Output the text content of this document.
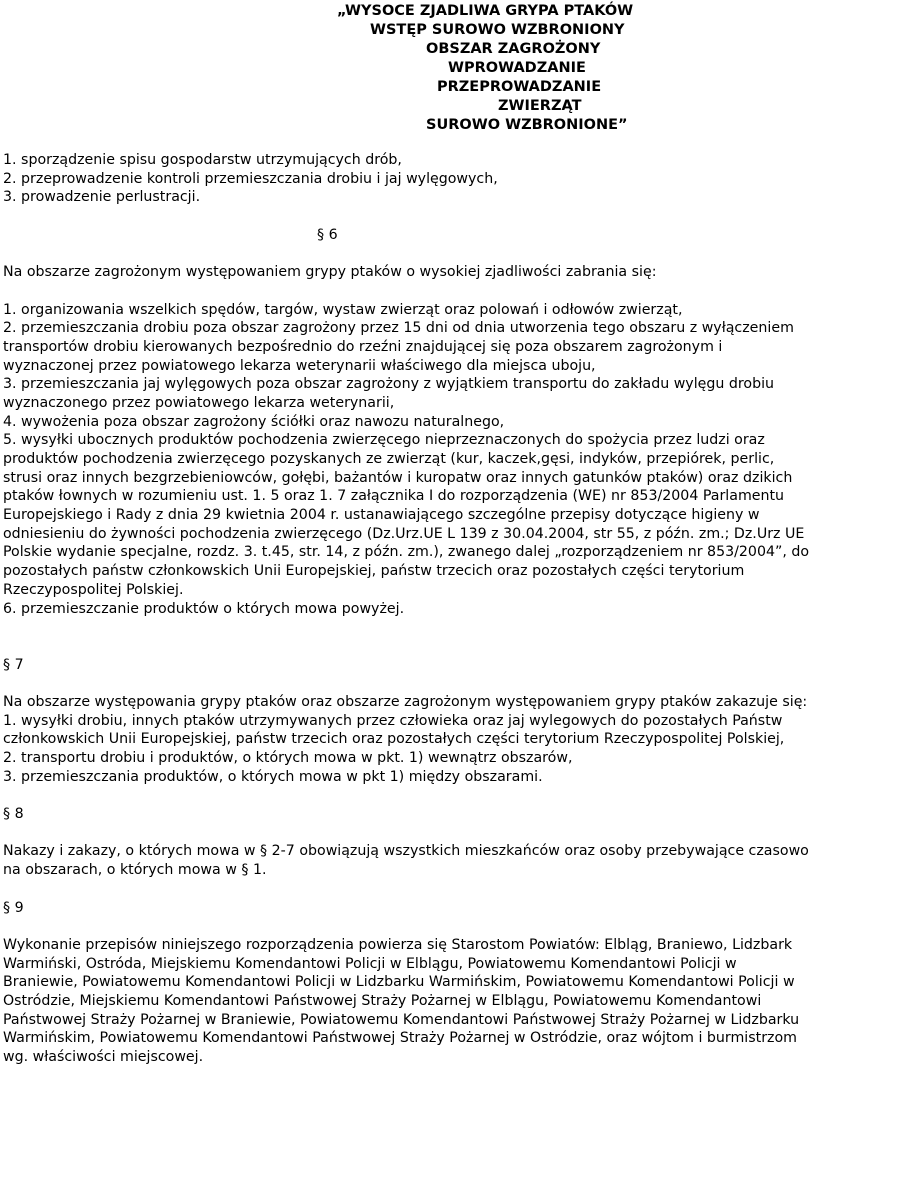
„WYSOCE ZJADLIWA GRYPA PTAKÓW
WSTĘP SUROWO WZBRONIONY
OBSZAR ZAGROŻONY
WPROWADZANIE
PRZEPROWADZANIE
ZWIERZĄT
SUROWO WZBRONIONE”
1. sporządzenie spisu gospodarstw utrzymujących drób,
2. przeprowadzenie kontroli przemieszczania drobiu i jaj wylęgowych,
3. prowadzenie perlustracji.
§ 6
Na obszarze zagrożonym występowaniem grypy ptaków o wysokiej zjadliwości zabrania się:
1. organizowania wszelkich spędów, targów, wystaw zwierząt oraz polowań i odłowów zwierząt,
2. przemieszczania drobiu poza obszar zagrożony przez 15 dni od dnia utworzenia tego obszaru z wyłączeniem
transportów drobiu kierowanych bezpośrednio do rzeźni znajdującej się poza obszarem zagrożonym i
wyznaczonej przez powiatowego lekarza weterynarii właściwego dla miejsca uboju,
3. przemieszczania jaj wylęgowych poza obszar zagrożony z wyjątkiem transportu do zakładu wylęgu drobiu
wyznaczonego przez powiatowego lekarza weterynarii,
4. wywożenia poza obszar zagrożony ściółki oraz nawozu naturalnego,
5. wysyłki ubocznych produktów pochodzenia zwierzęcego nieprzeznaczonych do spożycia przez ludzi oraz
produktów pochodzenia zwierzęcego pozyskanych ze zwierząt (kur, kaczek,gęsi, indyków, przepiórek, perlic,
strusi oraz innych bezgrzebieniowców, gołębi, bażantów i kuropatw oraz innych gatunków ptaków) oraz dzikich
ptaków łownych w rozumieniu ust. 1. 5 oraz 1. 7 załącznika I do rozporządzenia (WE) nr 853/2004 Parlamentu
Europejskiego i Rady z dnia 29 kwietnia 2004 r. ustanawiającego szczególne przepisy dotyczące higieny w
odniesieniu do żywności pochodzenia zwierzęcego (Dz.Urz.UE L 139 z 30.04.2004, str 55, z późn. zm.; Dz.Urz UE
Polskie wydanie specjalne, rozdz. 3. t.45, str. 14, z późn. zm.), zwanego dalej „rozporządzeniem nr 853/2004”, do
pozostałych państw członkowskich Unii Europejskiej, państw trzecich oraz pozostałych części terytorium
Rzeczypospolitej Polskiej.
6. przemieszczanie produktów o których mowa powyżej.
§ 7
Na obszarze występowania grypy ptaków oraz obszarze zagrożonym występowaniem grypy ptaków zakazuje się:
1. wysyłki drobiu, innych ptaków utrzymywanych przez człowieka oraz jaj wylegowych do pozostałych Państw
członkowskich Unii Europejskiej, państw trzecich oraz pozostałych części terytorium Rzeczypospolitej Polskiej,
2. transportu drobiu i produktów, o których mowa w pkt. 1) wewnątrz obszarów,
3. przemieszczania produktów, o których mowa w pkt 1) między obszarami.
§ 8
Nakazy i zakazy, o których mowa w § 2-7 obowiązują wszystkich mieszkańców oraz osoby przebywające czasowo
na obszarach, o których mowa w § 1.
§ 9
Wykonanie przepisów niniejszego rozporządzenia powierza się Starostom Powiatów: Elbląg, Braniewo, Lidzbark
Warmiński, Ostróda, Miejskiemu Komendantowi Policji w Elblągu, Powiatowemu Komendantowi Policji w
Braniewie, Powiatowemu Komendantowi Policji w Lidzbarku Warmińskim, Powiatowemu Komendantowi Policji w
Ostródzie, Miejskiemu Komendantowi Państwowej Straży Pożarnej w Elblągu, Powiatowemu Komendantowi
Państwowej Straży Pożarnej w Braniewie, Powiatowemu Komendantowi Państwowej Straży Pożarnej w Lidzbarku
Warmińskim, Powiatowemu Komendantowi Państwowej Straży Pożarnej w Ostródzie, oraz wójtom i burmistrzom
wg. właściwości miejscowej.
